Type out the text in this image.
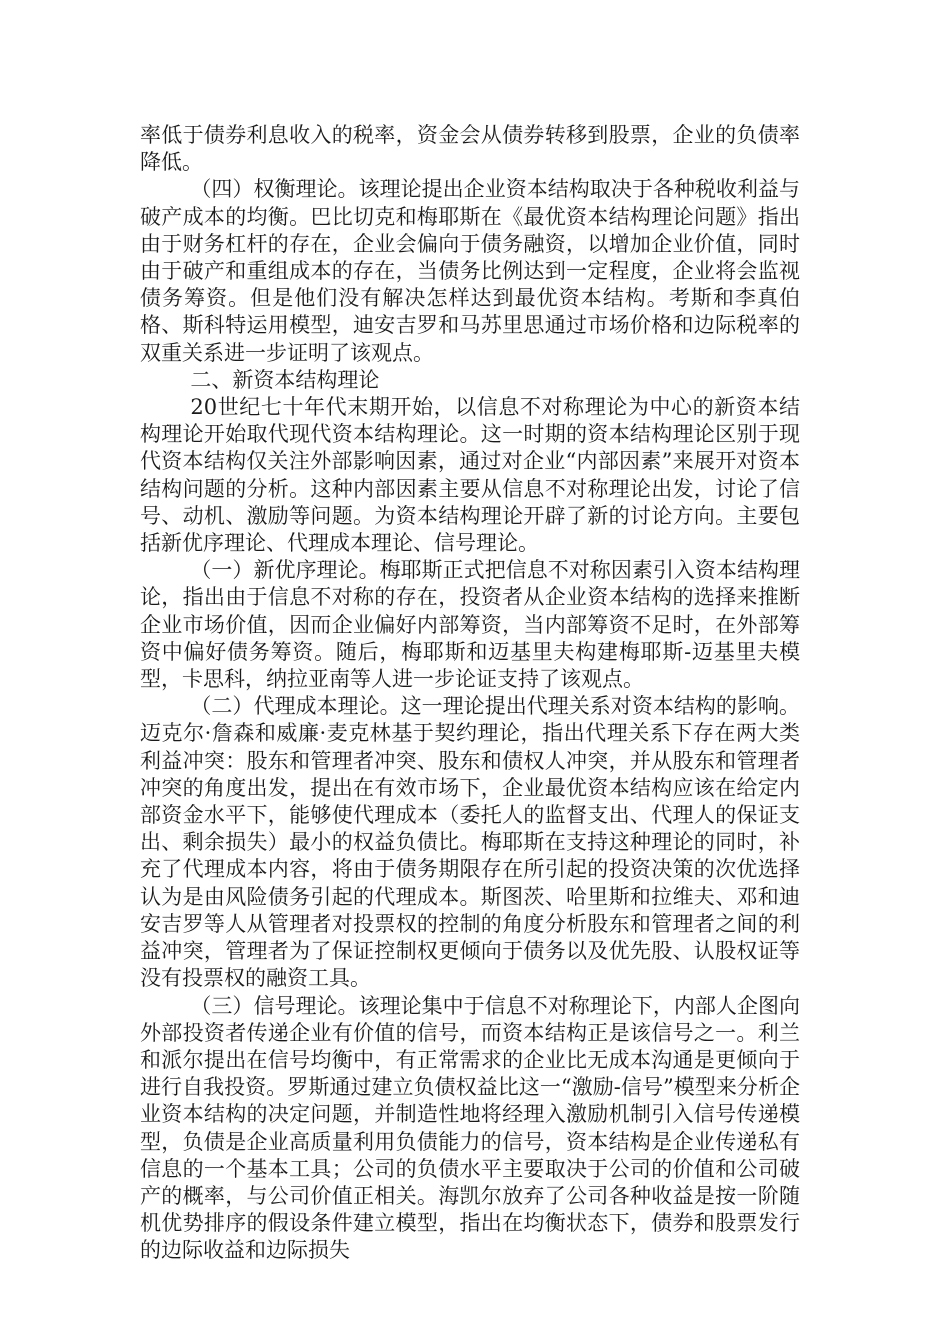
率低于债券利息收入的税率，资金会从债券转移到股票，企业的负债率降低。

（四）权衡理论。该理论提出企业资本结构取决于各种税收利益与破产成本的均衡。巴比切克和梅耶斯在《最优资本结构理论问题》指出由于财务杠杆的存在，企业会偏向于债务融资，以增加企业价值，同时由于破产和重组成本的存在，当债务比例达到一定程度，企业将会监视债务筹资。但是他们没有解决怎样达到最优资本结构。考斯和李真伯格、斯科特运用模型，迪安吉罗和马苏里思通过市场价格和边际税率的双重关系进一步证明了该观点。

二、新资本结构理论

20世纪七十年代末期开始，以信息不对称理论为中心的新资本结构理论开始取代现代资本结构理论。这一时期的资本结构理论区别于现代资本结构仅关注外部影响因素，通过对企业“内部因素”来展开对资本结构问题的分析。这种内部因素主要从信息不对称理论出发，讨论了信号、动机、激励等问题。为资本结构理论开辟了新的讨论方向。主要包括新优序理论、代理成本理论、信号理论。

（一）新优序理论。梅耶斯正式把信息不对称因素引入资本结构理论，指出由于信息不对称的存在，投资者从企业资本结构的选择来推断企业市场价值，因而企业偏好内部筹资，当内部筹资不足时，在外部筹资中偏好债务筹资。随后，梅耶斯和迈基里夫构建梅耶斯-迈基里夫模型，卡思科，纳拉亚南等人进一步论证支持了该观点。

（二）代理成本理论。这一理论提出代理关系对资本结构的影响。迈克尔·詹森和威廉·麦克林基于契约理论，指出代理关系下存在两大类利益冲突：股东和管理者冲突、股东和债权人冲突，并从股东和管理者冲突的角度出发，提出在有效市场下，企业最优资本结构应该在给定内部资金水平下，能够使代理成本（委托人的监督支出、代理人的保证支出、剩余损失）最小的权益负债比。梅耶斯在支持这种理论的同时，补充了代理成本内容，将由于债务期限存在所引起的投资决策的次优选择认为是由风险债务引起的代理成本。斯图茨、哈里斯和拉维夫、邓和迪安吉罗等人从管理者对投票权的控制的角度分析股东和管理者之间的利益冲突，管理者为了保证控制权更倾向于债务以及优先股、认股权证等没有投票权的融资工具。

（三）信号理论。该理论集中于信息不对称理论下，内部人企图向外部投资者传递企业有价值的信号，而资本结构正是该信号之一。利兰和派尔提出在信号均衡中，有正常需求的企业比无成本沟通是更倾向于进行自我投资。罗斯通过建立负债权益比这一“激励-信号”模型来分析企业资本结构的决定问题，并制造性地将经理入激励机制引入信号传递模型，负债是企业高质量利用负债能力的信号，资本结构是企业传递私有信息的一个基本工具；公司的负债水平主要取决于公司的价值和公司破产的概率，与公司价值正相关。海凯尔放弃了公司各种收益是按一阶随机优势排序的假设条件建立模型，指出在均衡状态下，债券和股票发行的边际收益和边际损失
